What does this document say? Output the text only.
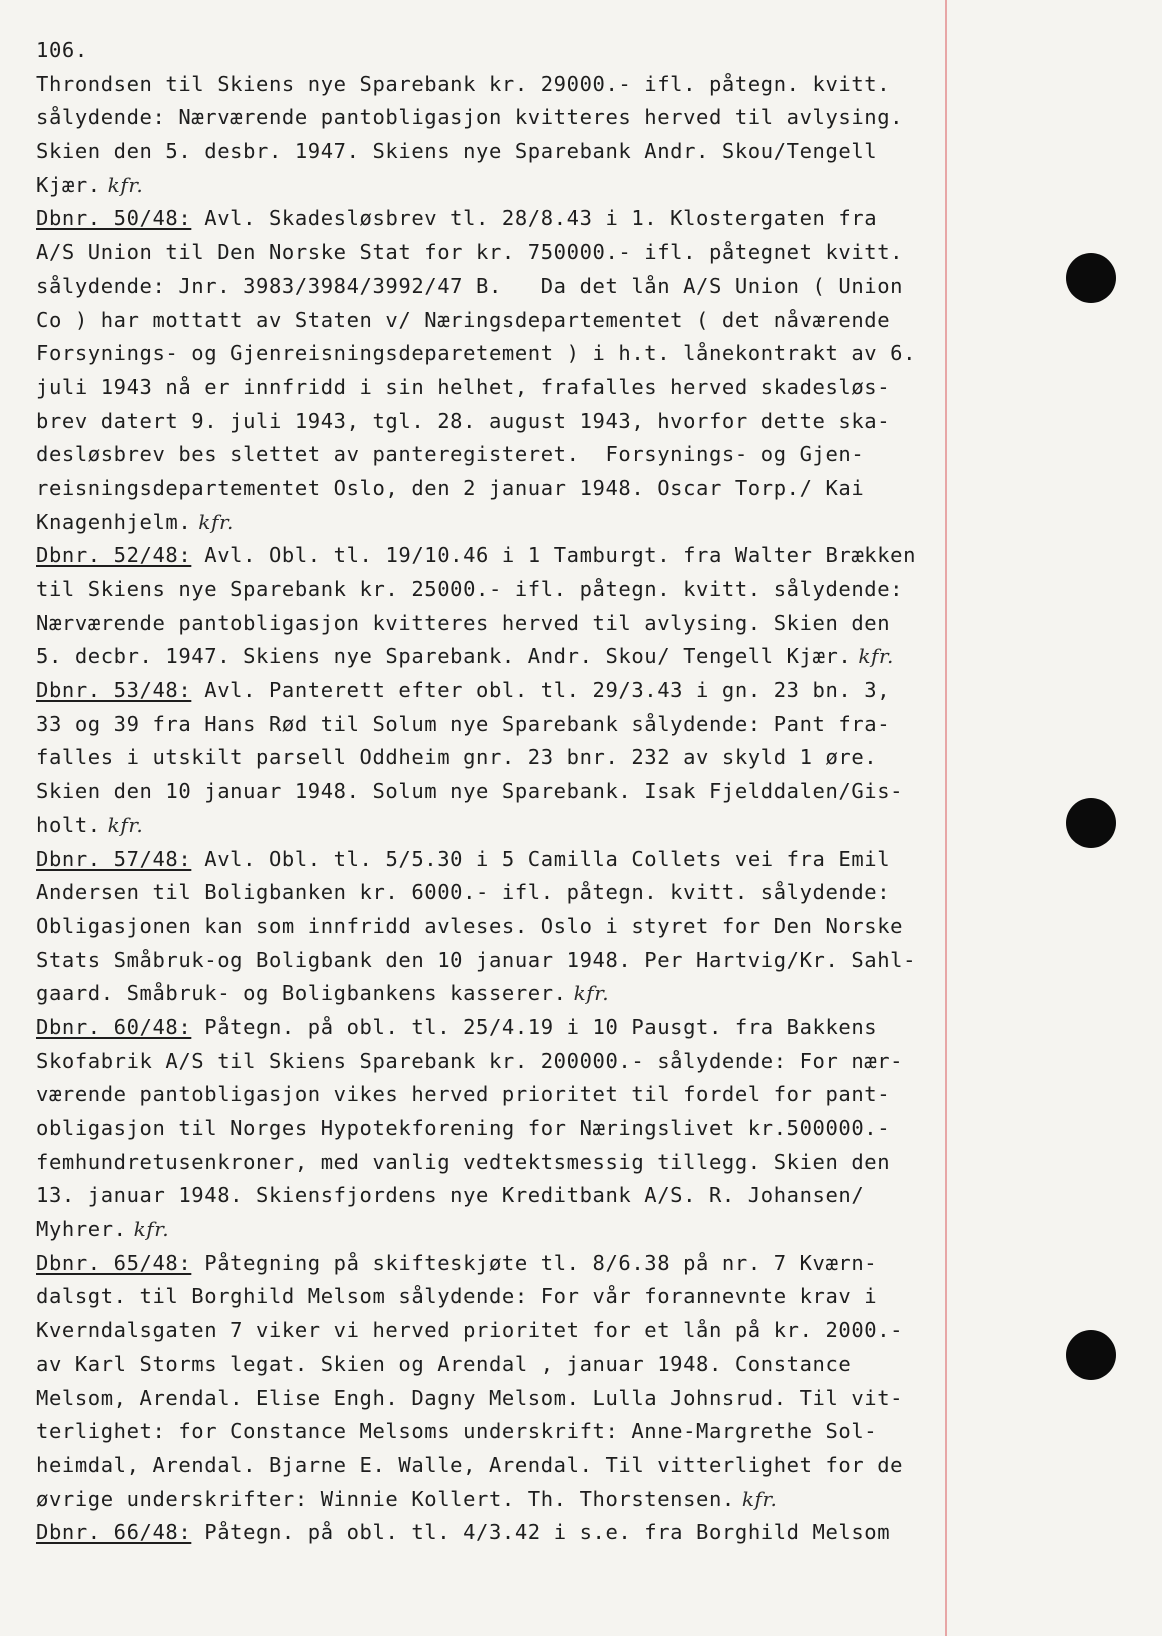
106.
Throndsen til Skiens nye Sparebank kr. 29000.- ifl. påtegn. kvitt.
sålydende: Nærværende pantobligasjon kvitteres herved til avlysing.
Skien den 5. desbr. 1947. Skiens nye Sparebank Andr. Skou/Tengell
Kjær. kfr.
Dbnr. 50/48: Avl. Skadesløsbrev tl. 28/8.43 i 1. Klostergaten fra
A/S Union til Den Norske Stat for kr. 750000.- ifl. påtegnet kvitt.
sålydende: Jnr. 3983/3984/3992/47 B.   Da det lån A/S Union ( Union
Co ) har mottatt av Staten v/ Næringsdepartementet ( det nåværende
Forsynings- og Gjenreisningsdeparetement ) i h.t. lånekontrakt av 6.
juli 1943 nå er innfridd i sin helhet, frafalles herved skadesløs-
brev datert 9. juli 1943, tgl. 28. august 1943, hvorfor dette ska-
desløsbrev bes slettet av panteregisteret.  Forsynings- og Gjen-
reisningsdepartementet Oslo, den 2 januar 1948. Oscar Torp./ Kai
Knagenhjelm. kfr.
Dbnr. 52/48: Avl. Obl. tl. 19/10.46 i 1 Tamburgt. fra Walter Brækken
til Skiens nye Sparebank kr. 25000.- ifl. påtegn. kvitt. sålydende:
Nærværende pantobligasjon kvitteres herved til avlysing. Skien den
5. decbr. 1947. Skiens nye Sparebank. Andr. Skou/ Tengell Kjær. kfr.
Dbnr. 53/48: Avl. Panterett efter obl. tl. 29/3.43 i gn. 23 bn. 3,
33 og 39 fra Hans Rød til Solum nye Sparebank sålydende: Pant fra-
falles i utskilt parsell Oddheim gnr. 23 bnr. 232 av skyld 1 øre.
Skien den 10 januar 1948. Solum nye Sparebank. Isak Fjelddalen/Gis-
holt. kfr.
Dbnr. 57/48: Avl. Obl. tl. 5/5.30 i 5 Camilla Collets vei fra Emil
Andersen til Boligbanken kr. 6000.- ifl. påtegn. kvitt. sålydende:
Obligasjonen kan som innfridd avleses. Oslo i styret for Den Norske
Stats Småbruk-og Boligbank den 10 januar 1948. Per Hartvig/Kr. Sahl-
gaard. Småbruk- og Boligbankens kasserer. kfr.
Dbnr. 60/48: Påtegn. på obl. tl. 25/4.19 i 10 Pausgt. fra Bakkens
Skofabrik A/S til Skiens Sparebank kr. 200000.- sålydende: For nær-
værende pantobligasjon vikes herved prioritet til fordel for pant-
obligasjon til Norges Hypotekforening for Næringslivet kr.500000.-
femhundretusenkroner, med vanlig vedtektsmessig tillegg. Skien den
13. januar 1948. Skiensfjordens nye Kreditbank A/S. R. Johansen/
Myhrer. kfr.
Dbnr. 65/48: Påtegning på skifteskjøte tl. 8/6.38 på nr. 7 Kværn-
dalsgt. til Borghild Melsom sålydende: For vår forannevnte krav i
Kverndalsgaten 7 viker vi herved prioritet for et lån på kr. 2000.-
av Karl Storms legat. Skien og Arendal , januar 1948. Constance
Melsom, Arendal. Elise Engh. Dagny Melsom. Lulla Johnsrud. Til vit-
terlighet: for Constance Melsoms underskrift: Anne-Margrethe Sol-
heimdal, Arendal. Bjarne E. Walle, Arendal. Til vitterlighet for de
øvrige underskrifter: Winnie Kollert. Th. Thorstensen. kfr.
Dbnr. 66/48: Påtegn. på obl. tl. 4/3.42 i s.e. fra Borghild Melsom
